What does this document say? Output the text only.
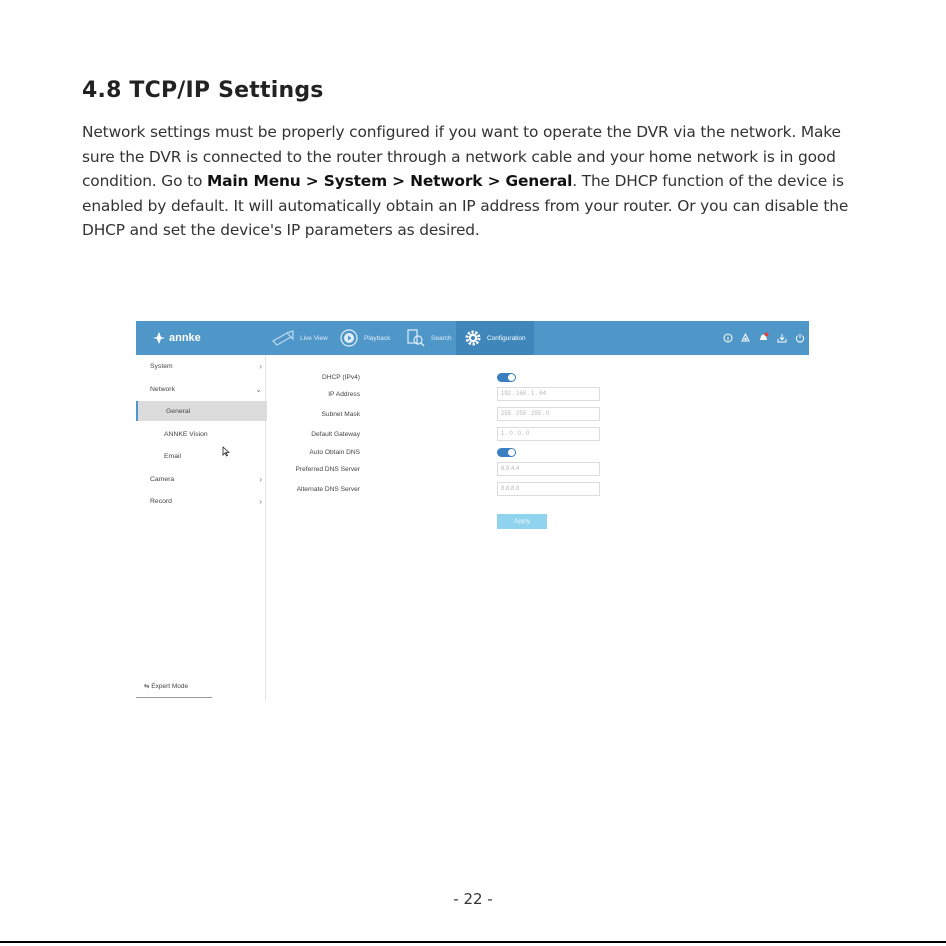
4.8 TCP/IP Settings

Network settings must be properly configured if you want to operate the DVR via the network. Make sure the DVR is connected to the router through a network cable and your home network is in good condition. Go to Main Menu > System > Network > General. The DHCP function of the device is enabled by default. It will automatically obtain an IP address from your router. Or you can disable the DHCP and set the device's IP parameters as desired.

annke	Live View	Playback	Search	Configuration
System	›
Network	⌄
General
ANNKE Vision
Email
Camera	›
Record	›
⇆ Expert Mode
DHCP (IPv4)
IP Address	192 . 168 . 1 . 64
Subnet Mask	255 . 255 . 255 . 0
Default Gateway	1 . 0 . 0 . 0
Auto Obtain DNS
Preferred DNS Server	8.8.4.4
Alternate DNS Server	8.8.8.8
Apply
- 22 -
